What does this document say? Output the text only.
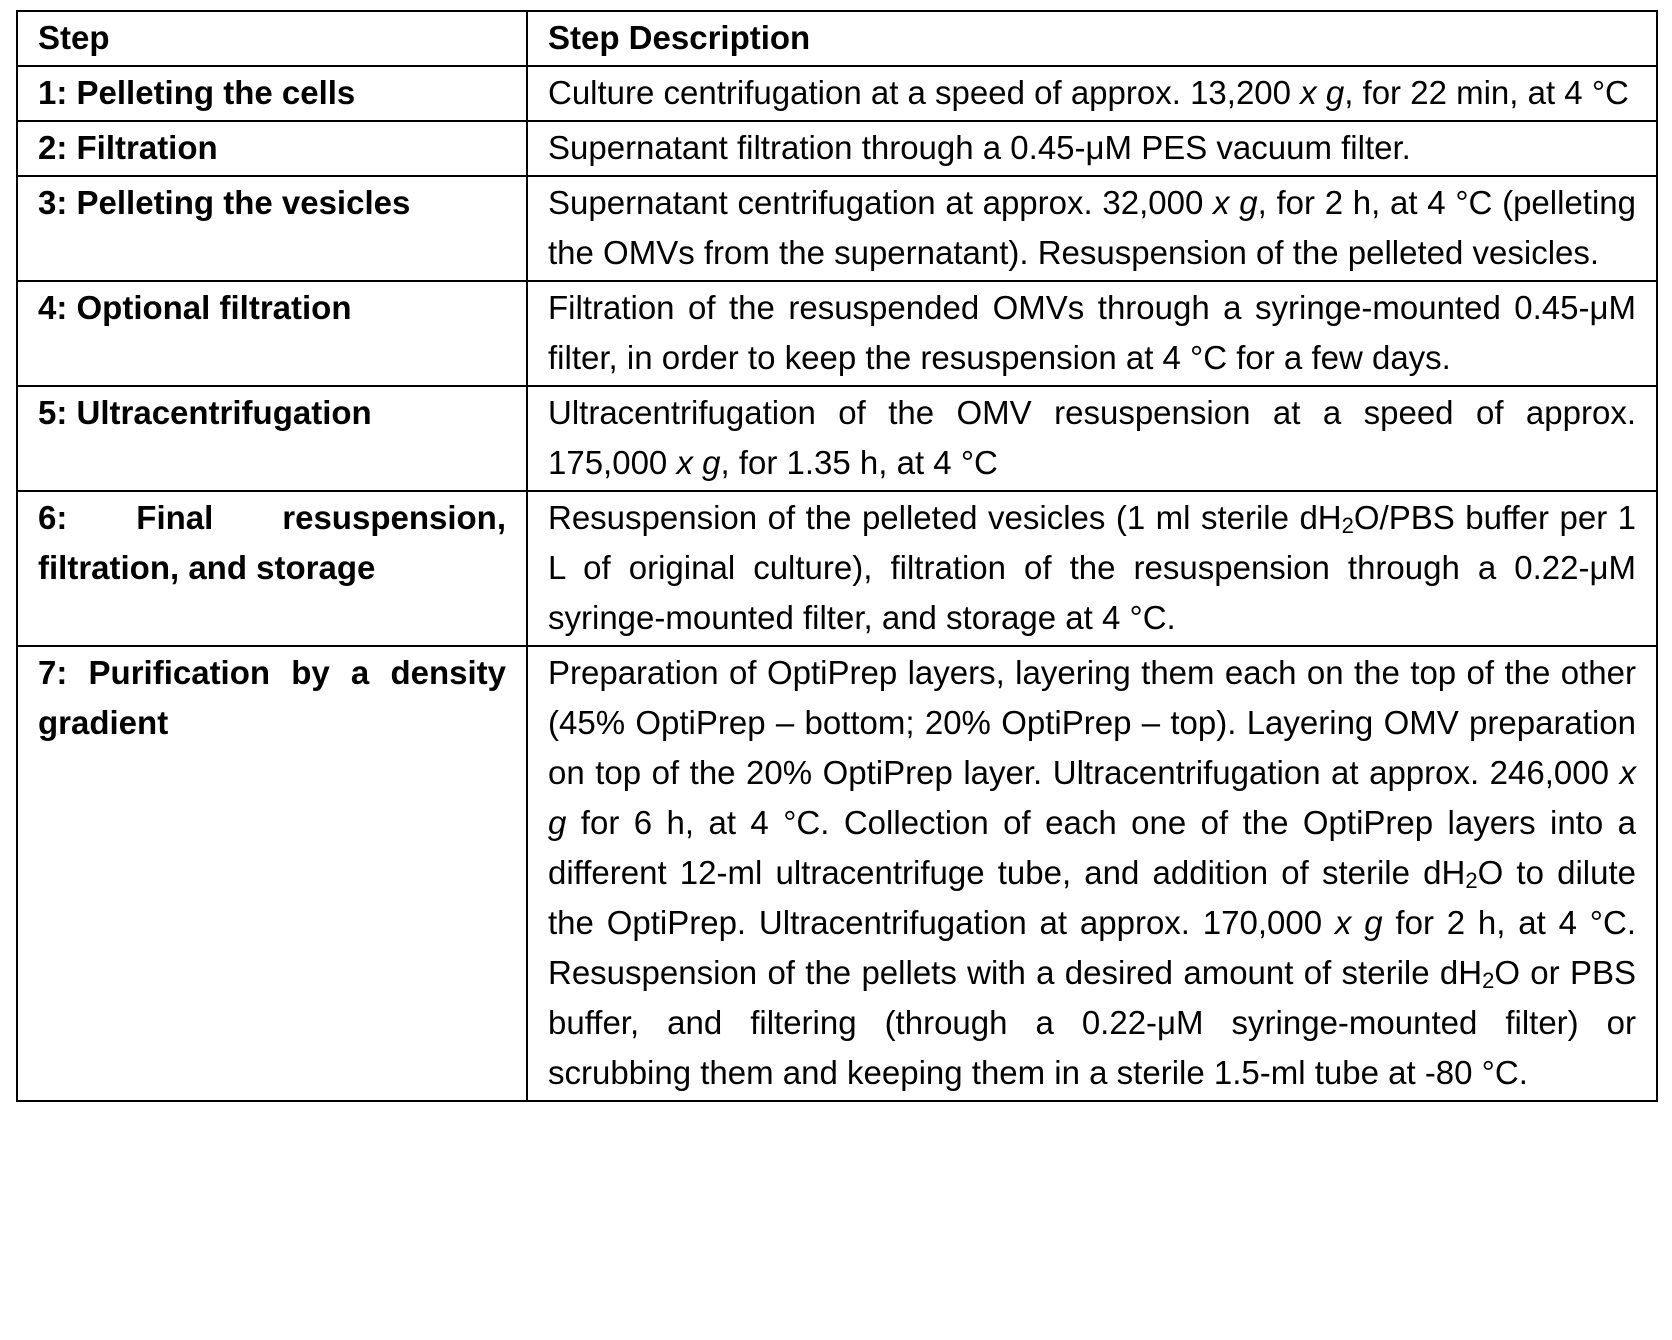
Step	Step Description
1: Pelleting the cells	Culture centrifugation at a speed of approx. 13,200 x g, for 22 min, at 4 °C
2: Filtration	Supernatant filtration through a 0.45-μM PES vacuum filter.
3: Pelleting the vesicles	Supernatant centrifugation at approx. 32,000 x g, for 2 h, at 4 °C (pelleting the OMVs from the supernatant). Resuspension of the pelleted vesicles.
4: Optional filtration	Filtration of the resuspended OMVs through a syringe-mounted 0.45-μM filter, in order to keep the resuspension at 4 °C for a few days.
5: Ultracentrifugation	Ultracentrifugation of the OMV resuspension at a speed of approx. 175,000 x g, for 1.35 h, at 4 °C
6: Final resuspension, filtration, and storage	Resuspension of the pelleted vesicles (1 ml sterile $dH_2O$/PBS buffer per 1 L of original culture), filtration of the resuspension through a 0.22-μM syringe-mounted filter, and storage at 4 °C.
7: Purification by a density gradient	Preparation of OptiPrep layers, layering them each on the top of the other (45% OptiPrep – bottom; 20% OptiPrep – top). Layering OMV preparation on top of the 20% OptiPrep layer. Ultracentrifugation at approx. 246,000 x g for 6 h, at 4 °C. Collection of each one of the OptiPrep layers into a different 12-ml ultracentrifuge tube, and addition of sterile $dH_2O$ to dilute the OptiPrep. Ultracentrifugation at approx. 170,000 x g for 2 h, at 4 °C. Resuspension of the pellets with a desired amount of sterile $dH_2O$ or PBS buffer, and filtering (through a 0.22-μM syringe-mounted filter) or scrubbing them and keeping them in a sterile 1.5-ml tube at -80 °C.
